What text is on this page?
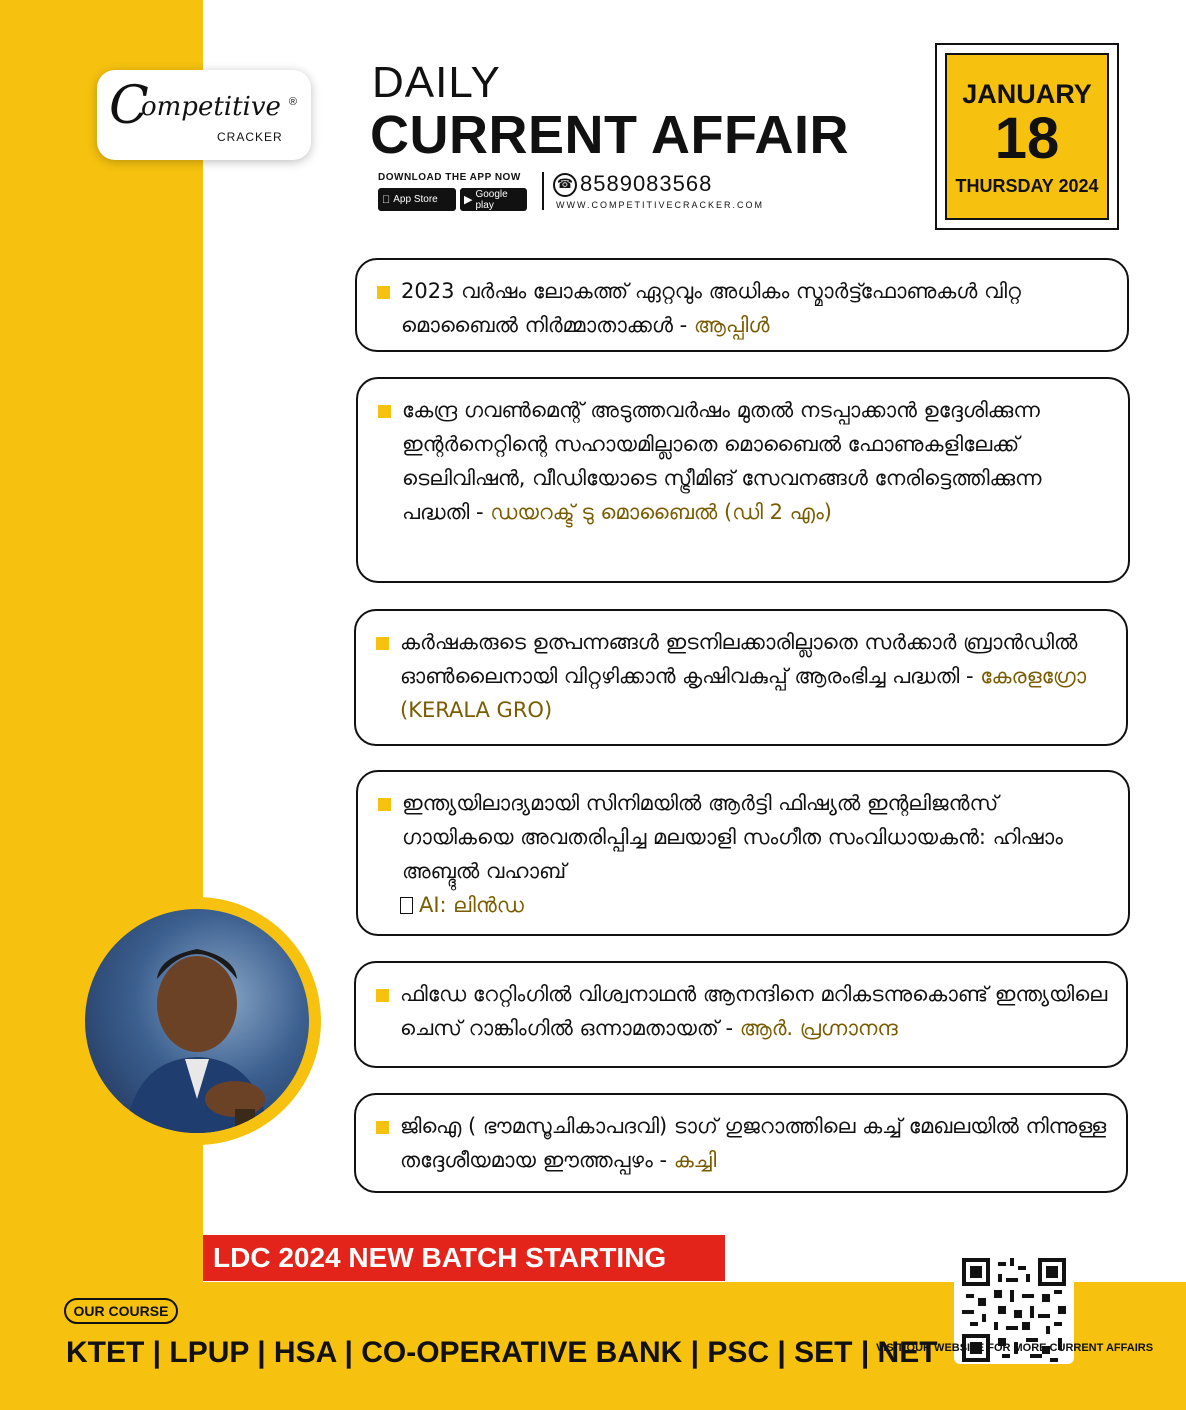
C
ompetitive
CRACKER
® DAILY
CURRENT AFFAIR
DOWNLOAD THE APP NOW
App Store	▶ Google play
☎ 8589083568
WWW.COMPETITIVECRACKER.COM
JANUARY
18
THURSDAY 2024
2023 വർഷം ലോകത്ത് ഏറ്റവും അധികം സ്മാർട്ട്ഫോണുകൾ വിറ്റ മൊബൈൽ നിർമ്മാതാക്കൾ - ആപ്പിൾ
കേന്ദ്ര ഗവൺമെന്റ് അടുത്തവർഷം മുതൽ നടപ്പാക്കാൻ ഉദ്ദേശിക്കുന്ന ഇന്റർനെറ്റിന്റെ സഹായമില്ലാതെ മൊബൈൽ ഫോണുകളിലേക്ക് ടെലിവിഷൻ, വീഡിയോടെ സ്ട്രീമിങ് സേവനങ്ങൾ നേരിട്ടെത്തിക്കുന്ന പദ്ധതി - ഡയറക്ട് ടു മൊബൈൽ (ഡി 2 എം)
കർഷകരുടെ ഉത്പന്നങ്ങൾ ഇടനിലക്കാരില്ലാതെ സർക്കാർ ബ്രാൻഡിൽ ഓൺലൈനായി വിറ്റഴിക്കാൻ കൃഷിവകുപ്പ് ആരംഭിച്ച പദ്ധതി - കേരളഗ്രോ (KERALA GRO)
ഇന്ത്യയിലാദ്യമായി സിനിമയിൽ ആർട്ടി ഫിഷ്യൽ ഇന്റലിജൻസ് ഗായികയെ അവതരിപ്പിച്ച മലയാളി സംഗീത സംവിധായകൻ: ഹിഷാം അബ്ദുൽ വഹാബ്
AI: ലിൻഡ
ഫിഡേ റേറ്റിംഗിൽ വിശ്വനാഥൻ ആനന്ദിനെ മറികടന്നുകൊണ്ട് ഇന്ത്യയിലെ ചെസ് റാങ്കിംഗിൽ ഒന്നാമതായത് - ആർ. പ്രഗ്നാനന്ദ
ജിഐ ( ഭൗമസൂചികാപദവി) ടാഗ് ഗുജറാത്തിലെ കച്ച് മേഖലയിൽ നിന്നുള്ള തദ്ദേശീയമായ ഈത്തപ്പഴം - കച്ചി
LDC 2024 NEW BATCH STARTING
OUR COURSE
KTET | LPUP | HSA | CO-OPERATIVE BANK | PSC | SET | NET
VISIT OUR WEBSITE FOR MORE CURRENT AFFAIRS
